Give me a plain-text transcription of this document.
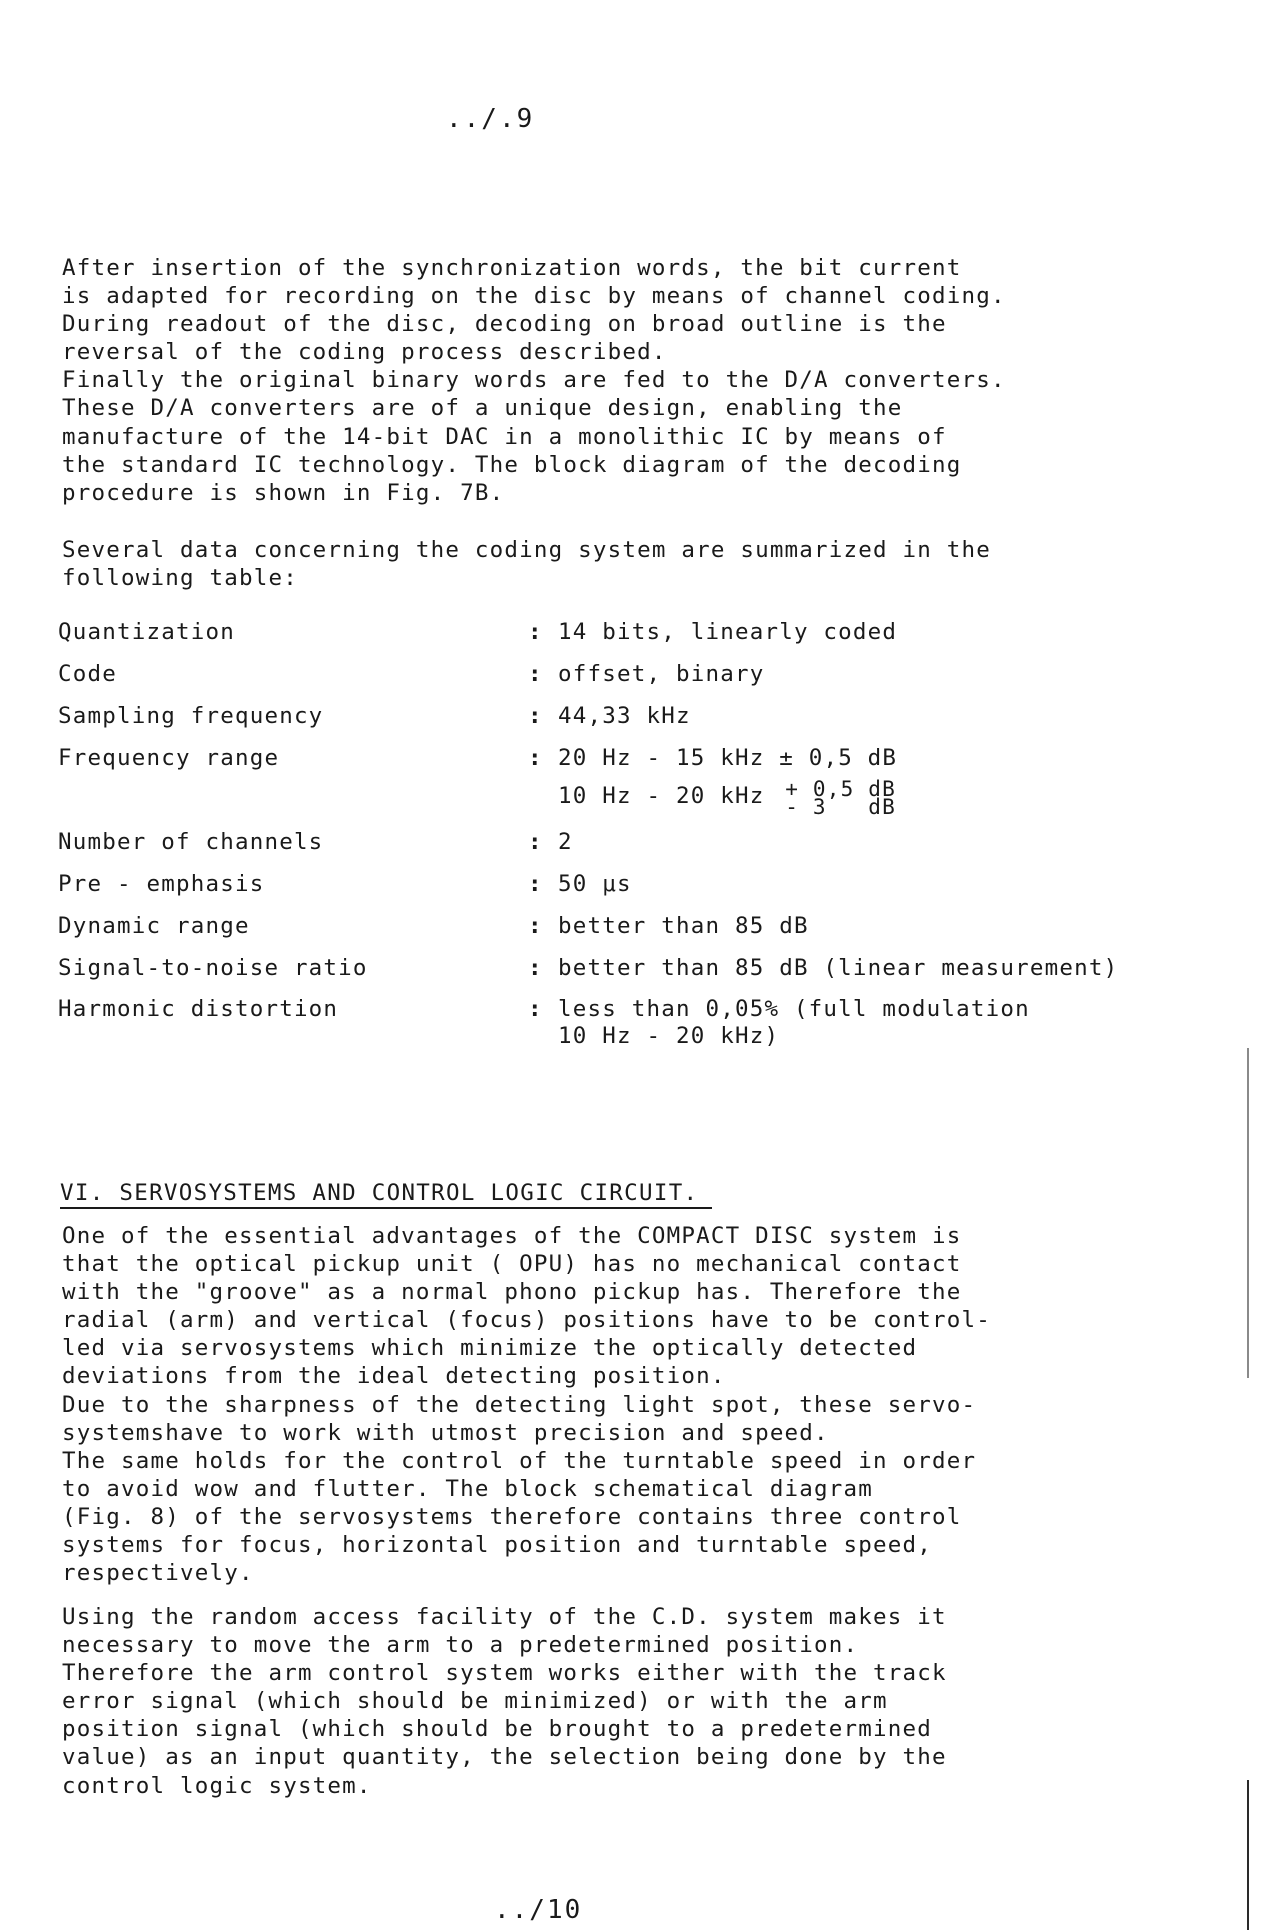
../.9
After insertion of the synchronization words, the bit current
is adapted for recording on the disc by means of channel coding.
During readout of the disc, decoding on broad outline is the
reversal of the coding process described.
Finally the original binary words are fed to the D/A converters.
These D/A converters are of a unique design, enabling the
manufacture of the 14-bit DAC in a monolithic IC by means of
the standard IC technology. The block diagram of the decoding
procedure is shown in Fig. 7B.
Several data concerning the coding system are summarized in the
following table:
Quantization	:	14 bits, linearly coded
Code	:	offset, binary
Sampling frequency	:	44,33 kHz
Frequency range	:	20 Hz - 15 kHz ± 0,5 dB
10 Hz - 20 kHz + 0,5 dB
- 3   dB

Number of channels	:	2
Pre - emphasis	:	50 μs
Dynamic range	:	better than 85 dB
Signal-to-noise ratio	:	better than 85 dB (linear measurement)
Harmonic distortion	:	less than 0,05% (full modulation
10 Hz - 20 kHz)
VI. SERVOSYSTEMS AND CONTROL LOGIC CIRCUIT.
One of the essential advantages of the COMPACT DISC system is
that the optical pickup unit ( OPU) has no mechanical contact
with the "groove" as a normal phono pickup has. Therefore the
radial (arm) and vertical (focus) positions have to be control-
led via servosystems which minimize the optically detected
deviations from the ideal detecting position.
Due to the sharpness of the detecting light spot, these servo-
systemshave to work with utmost precision and speed.
The same holds for the control of the turntable speed in order
to avoid wow and flutter. The block schematical diagram
(Fig. 8) of the servosystems therefore contains three control
systems for focus, horizontal position and turntable speed,
respectively.
Using the random access facility of the C.D. system makes it
necessary to move the arm to a predetermined position.
Therefore the arm control system works either with the track
error signal (which should be minimized) or with the arm
position signal (which should be brought to a predetermined
value) as an input quantity, the selection being done by the
control logic system.
../10
